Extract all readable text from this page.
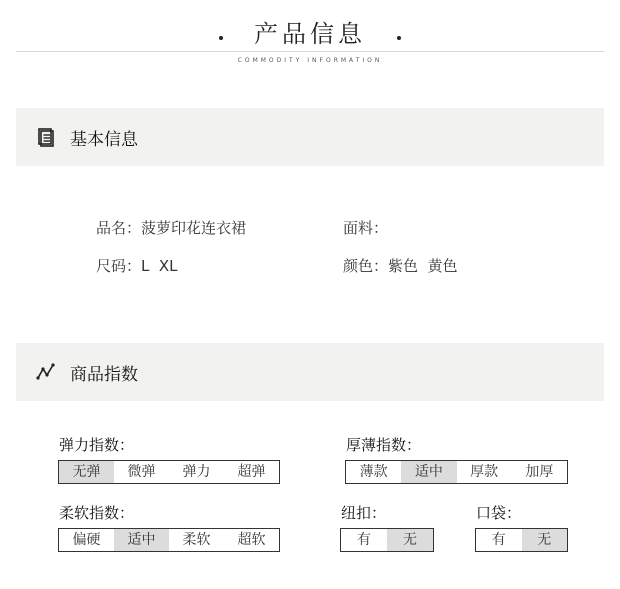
产品信息
COMMODITY INFORMATION
基本信息
品名：菠萝印花连衣裙	面料：
尺码：L  XL	颜色：紫色  黄色
商品指数
弹力指数：
无弹	微弹	弹力	超弹
厚薄指数：
薄款	适中	厚款	加厚
柔软指数：
偏硬	适中	柔软	超软
纽扣：
有	无
口袋：
有	无
